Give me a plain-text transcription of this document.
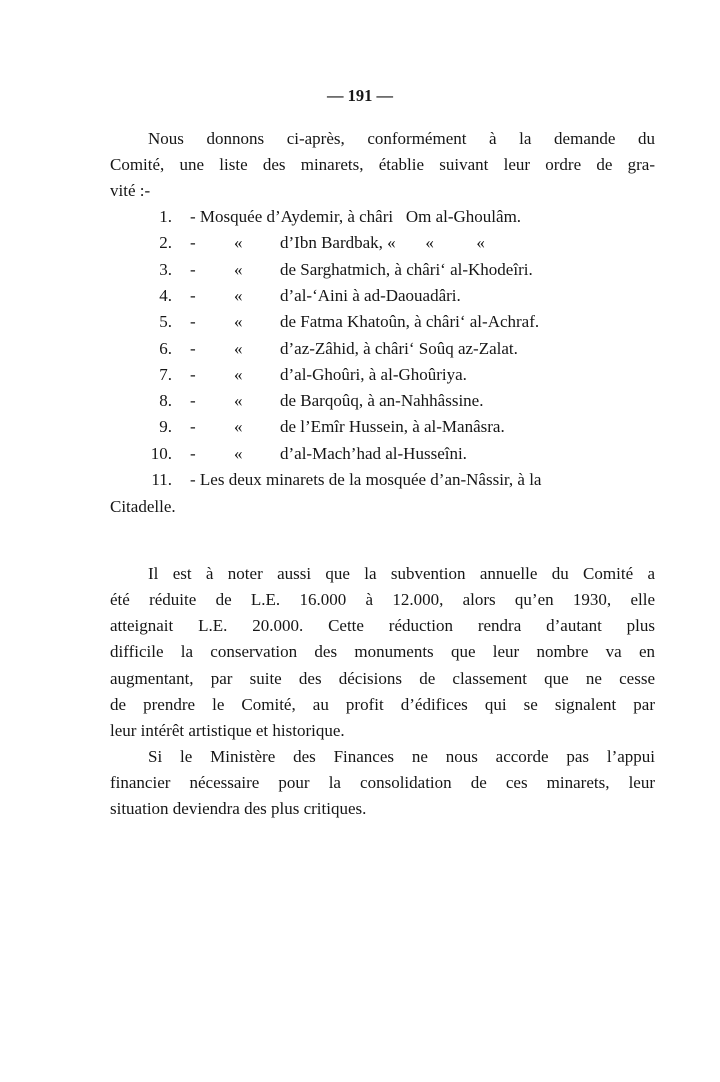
— 191 —
Nous donnons ci-après, conformément à la demande du
Comité, une liste des minarets, établie suivant leur ordre de gra-
vité :-
1. - Mosquée d’Aydemir, à châri   Om al-Ghoulâm.
2. - « d’Ibn Bardbak, «       «          «
3. - « de Sarghatmich, à châri‘ al-Khodeîri.
4. - « d’al-‘Aini à ad-Daouadâri.
5. - « de Fatma Khatoûn, à châri‘ al-Achraf.
6. - « d’az-Zâhid, à châri‘ Soûq az-Zalat.
7. - « d’al-Ghoûri, à al-Ghoûriya.
8. - « de Barqoûq, à an-Nahhâssine.
9. - « de l’Emîr Hussein, à al-Manâsra.
10. - « d’al-Mach’had al-Husseîni.
11. - Les deux minarets de la mosquée d’an-Nâssir, à la
Citadelle.
Il est à noter aussi que la subvention annuelle du Comité a
été réduite de L.E. 16.000 à 12.000, alors qu’en 1930, elle
atteignait L.E. 20.000. Cette réduction rendra d’autant plus
difficile la conservation des monuments que leur nombre va en
augmentant, par suite des décisions de classement que ne cesse
de prendre le Comité, au profit d’édifices qui se signalent par
leur intérêt artistique et historique.
Si le Ministère des Finances ne nous accorde pas l’appui
financier nécessaire pour la consolidation de ces minarets, leur
situation deviendra des plus critiques.
